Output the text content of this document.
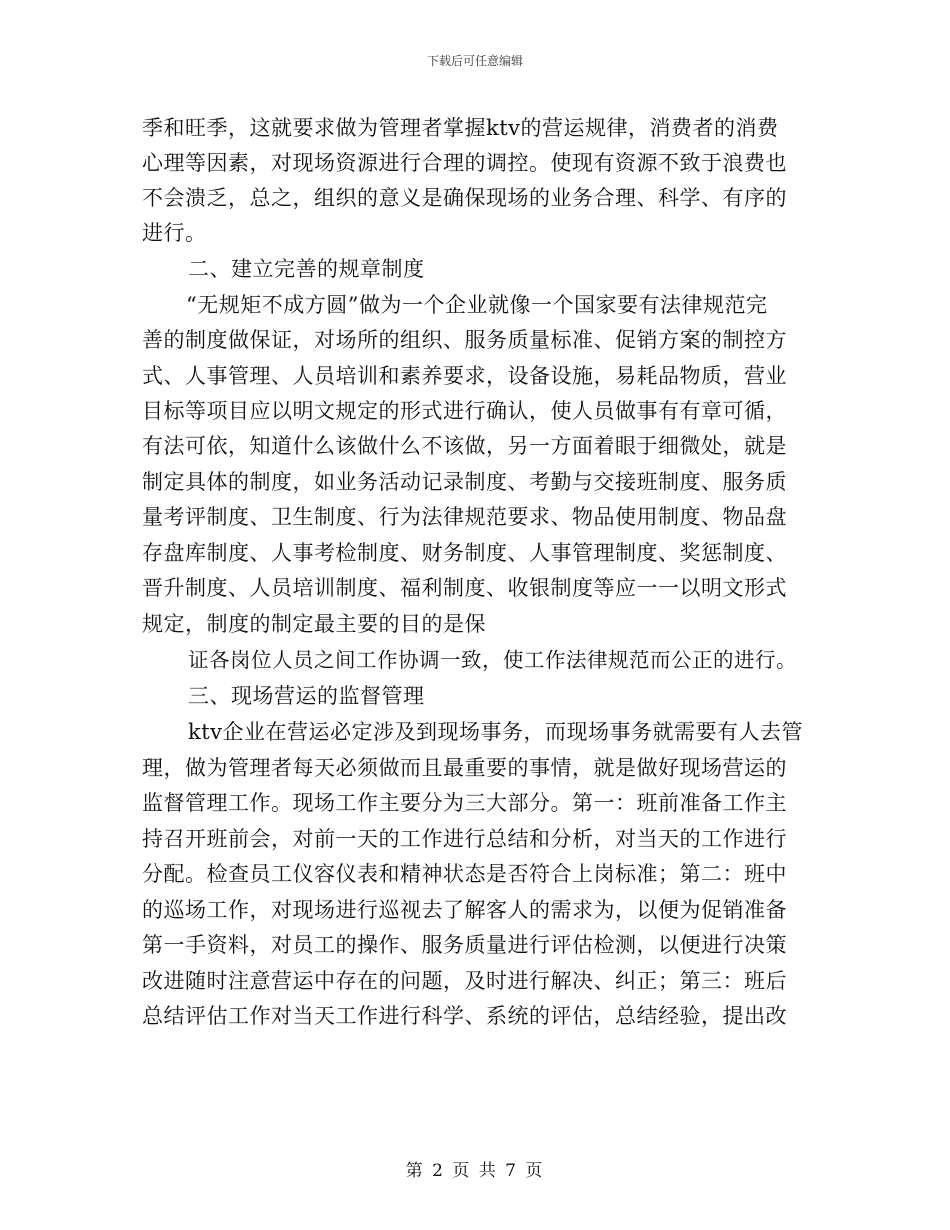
下载后可任意编辑

季和旺季，这就要求做为管理者掌握ktv的营运规律，消费者的消费

心理等因素，对现场资源进行合理的调控。使现有资源不致于浪费也

不会溃乏，总之，组织的意义是确保现场的业务合理、科学、有序的

进行。

二、建立完善的规章制度

“无规矩不成方圆”做为一个企业就像一个国家要有法律规范完

善的制度做保证，对场所的组织、服务质量标准、促销方案的制控方

式、人事管理、人员培训和素养要求，设备设施，易耗品物质，营业

目标等项目应以明文规定的形式进行确认，使人员做事有有章可循，

有法可依，知道什么该做什么不该做，另一方面着眼于细微处，就是

制定具体的制度，如业务活动记录制度、考勤与交接班制度、服务质

量考评制度、卫生制度、行为法律规范要求、物品使用制度、物品盘

存盘库制度、人事考检制度、财务制度、人事管理制度、奖惩制度、

晋升制度、人员培训制度、福利制度、收银制度等应一一以明文形式

规定，制度的制定最主要的目的是保

证各岗位人员之间工作协调一致，使工作法律规范而公正的进行。

三、现场营运的监督管理

ktv企业在营运必定涉及到现场事务，而现场事务就需要有人去管

理，做为管理者每天必须做而且最重要的事情，就是做好现场营运的

监督管理工作。现场工作主要分为三大部分。第一：班前准备工作主

持召开班前会，对前一天的工作进行总结和分析，对当天的工作进行

分配。检查员工仪容仪表和精神状态是否符合上岗标准；第二：班中

的巡场工作，对现场进行巡视去了解客人的需求为，以便为促销准备

第一手资料，对员工的操作、服务质量进行评估检测，以便进行决策

改进随时注意营运中存在的问题，及时进行解决、纠正；第三：班后

总结评估工作对当天工作进行科学、系统的评估，总结经验，提出改

第 2 页 共 7 页
